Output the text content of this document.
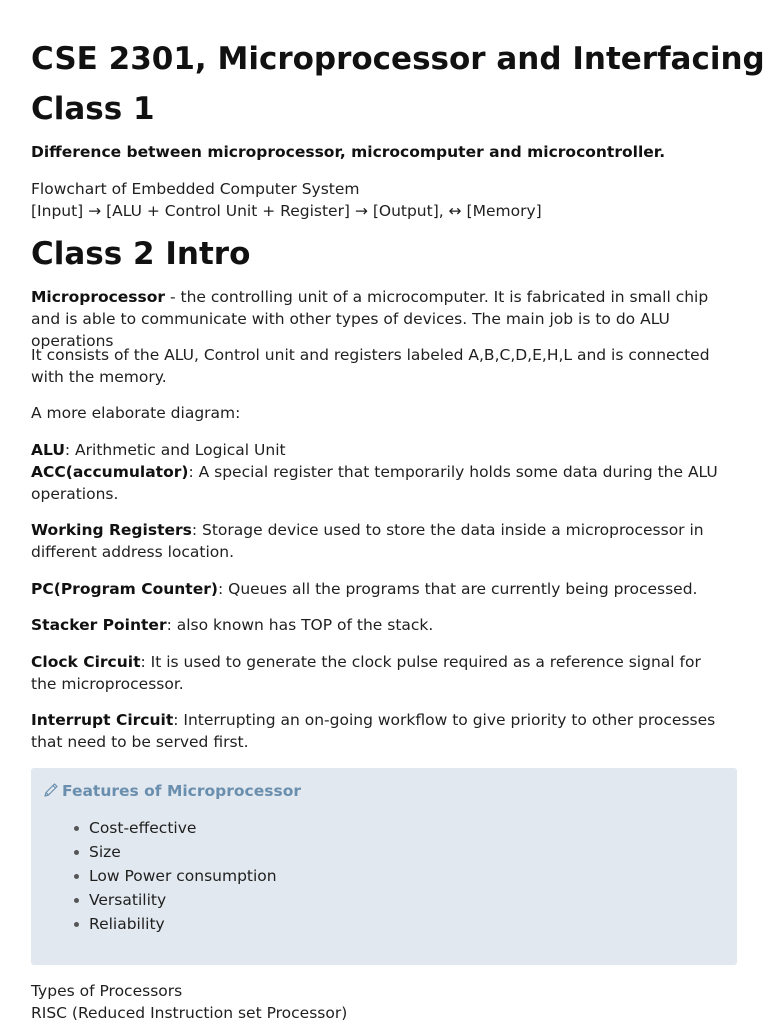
CSE 2301, Microprocessor and Interfacing
Class 1

Difference between microprocessor, microcomputer and microcontroller.

Flowchart of Embedded Computer System

[Input] → [ALU + Control Unit + Register] → [Output], ↔ [Memory]

Class 2 Intro

Microprocessor - the controlling unit of a microcomputer. It is fabricated in small chip and is able to communicate with other types of devices. The main job is to do ALU operations

It consists of the ALU, Control unit and registers labeled A,B,C,D,E,H,L and is connected with the memory.

A more elaborate diagram:

ALU: Arithmetic and Logical Unit

ACC(accumulator): A special register that temporarily holds some data during the ALU operations.

Working Registers: Storage device used to store the data inside a microprocessor in different address location.

PC(Program Counter): Queues all the programs that are currently being processed.

Stacker Pointer: also known has TOP of the stack.

Clock Circuit: It is used to generate the clock pulse required as a reference signal for the microprocessor.

Interrupt Circuit: Interrupting an on-going workflow to give priority to other processes that need to be served first.

Features of Microprocessor
Cost-effective
Size
Low Power consumption
Versatility
Reliability

Types of Processors

RISC (Reduced Instruction set Processor)
